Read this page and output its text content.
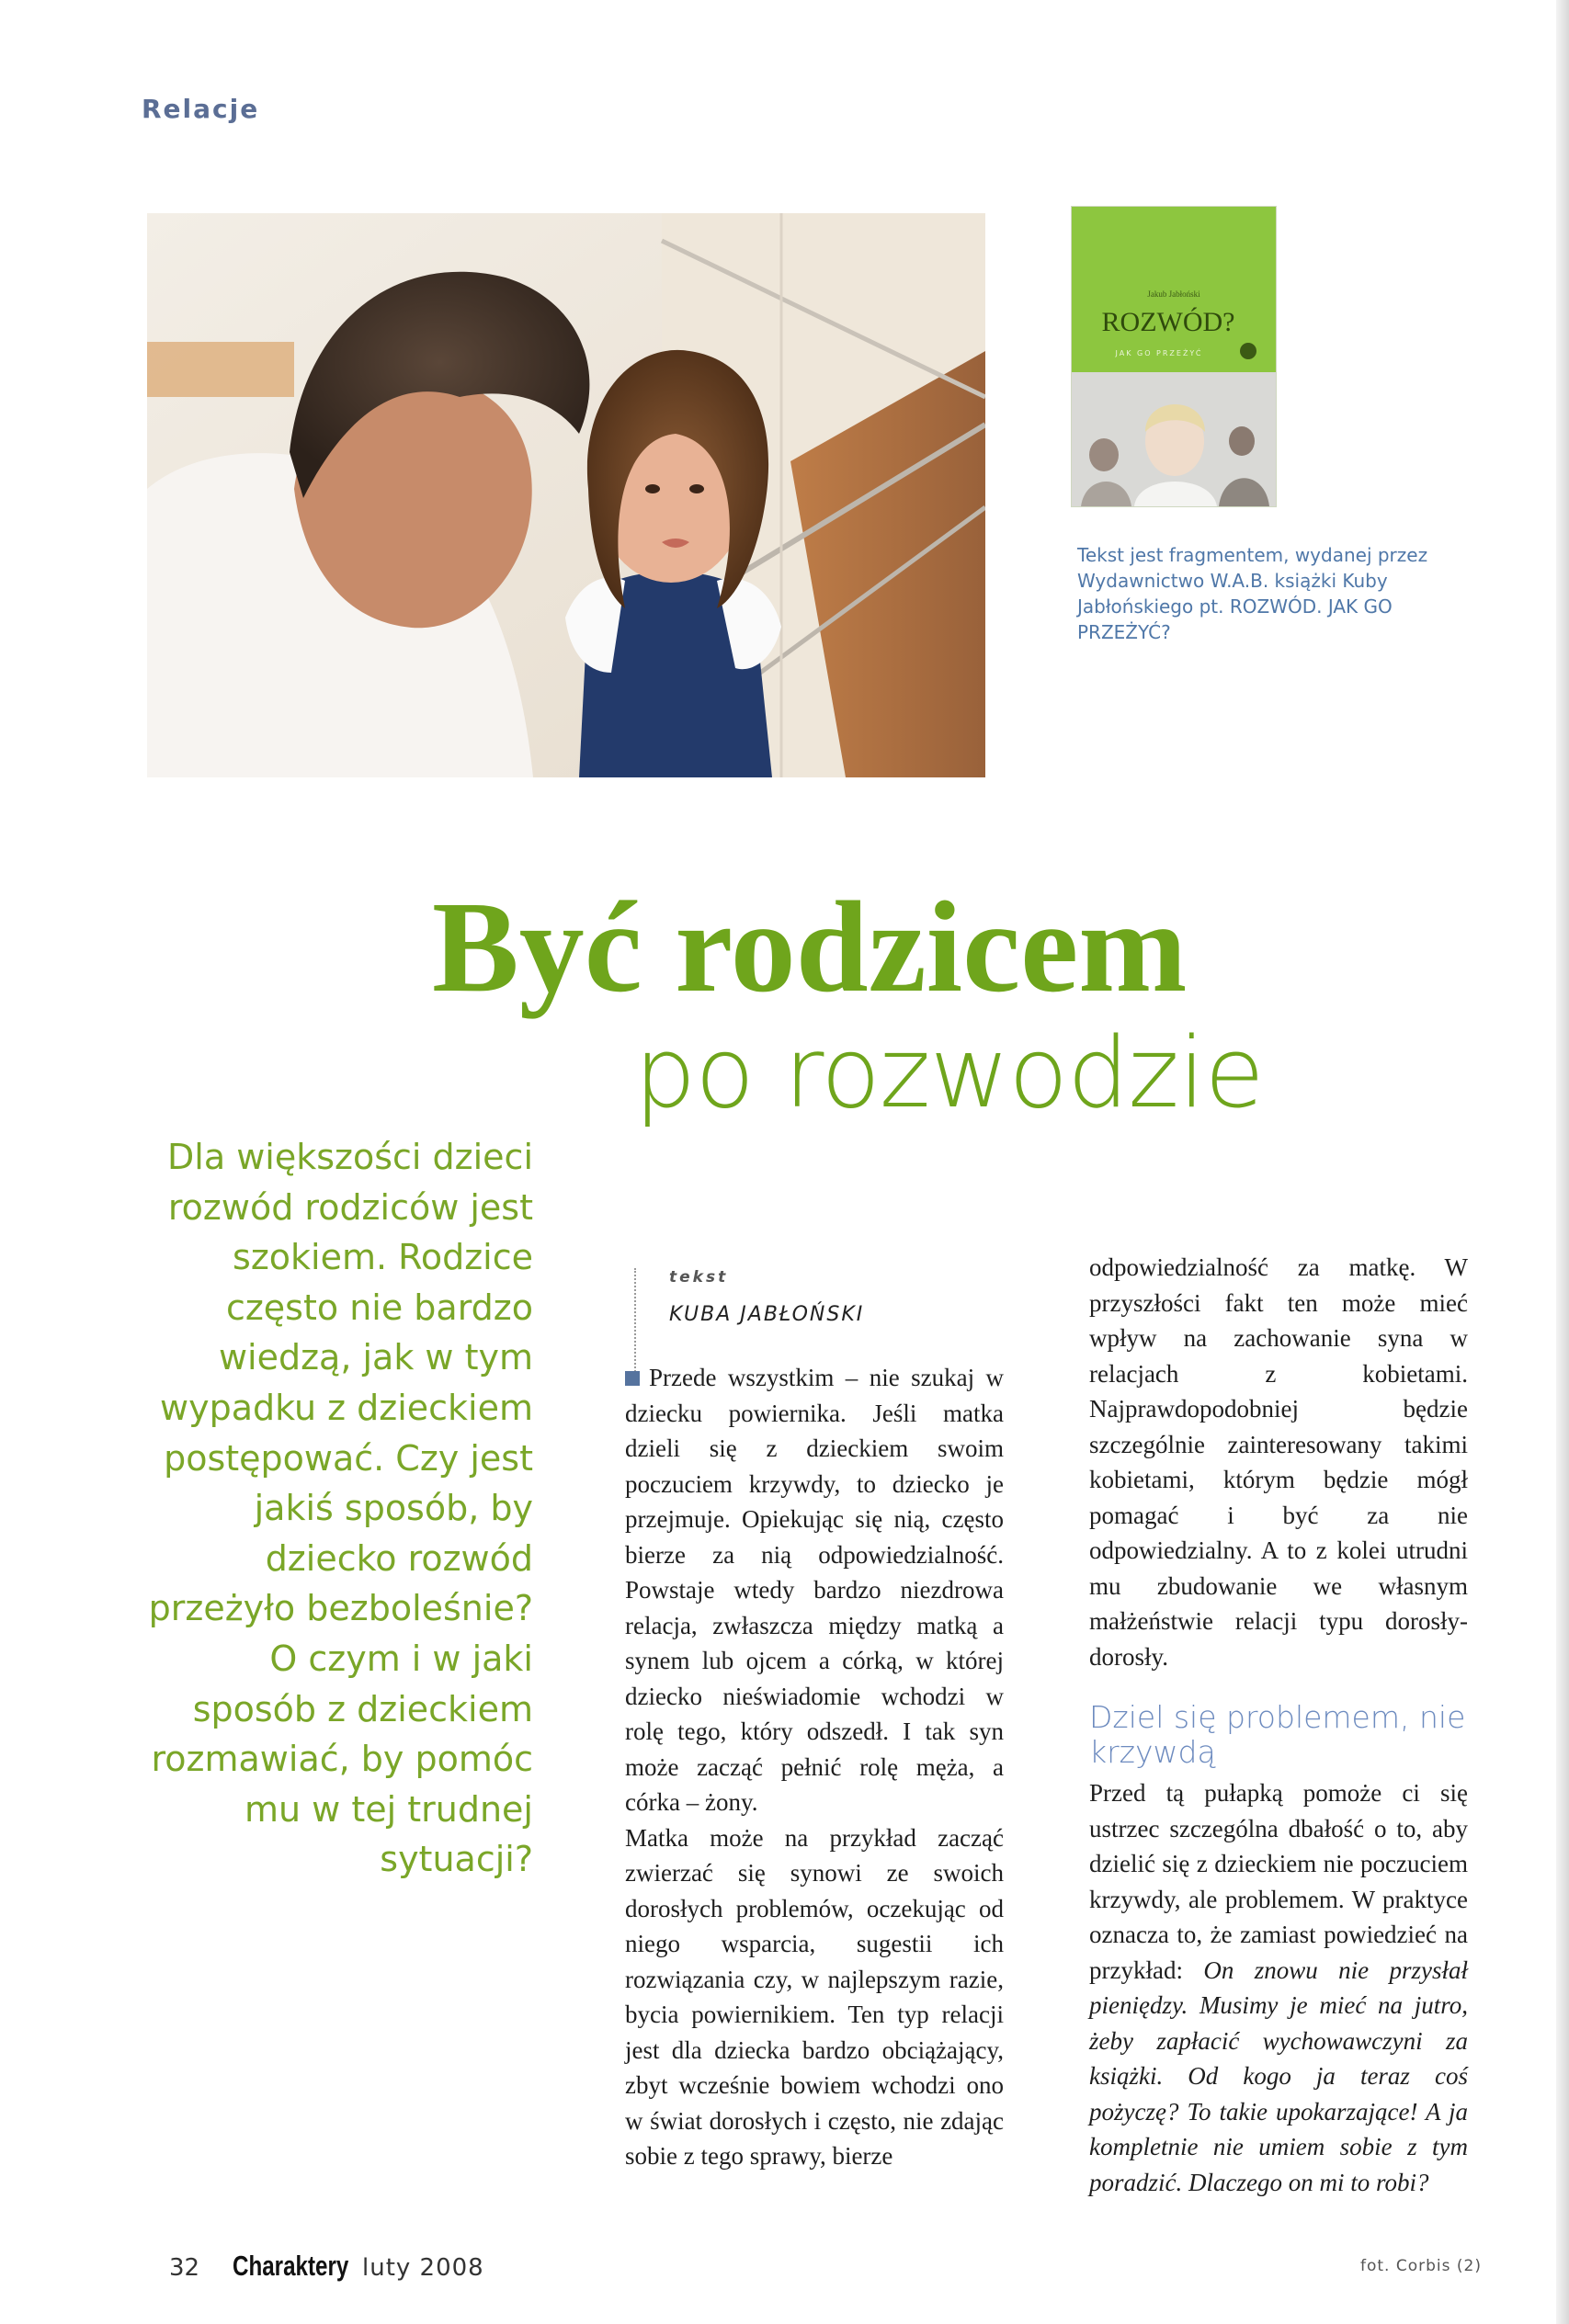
Relacje
Jakub Jabłoński
ROZWÓD?
JAK GO PRZEŻYĆ
Tekst jest fragmentem, wydanej przez Wydawnictwo W.A.B. książki Kuby Jabłońskiego pt. ROZWÓD. JAK GO PRZEŻYĆ?
Być rodzicem
po rozwodzie
Dla większości dzieci rozwód rodziców jest szokiem. Rodzice często nie bardzo wiedzą, jak w tym wypadku z dzieckiem postępować. Czy jest jakiś sposób, by dziecko rozwód przeżyło bezboleśnie? O czym i w jaki sposób z dzieckiem rozmawiać, by pomóc mu w tej trudnej sytuacji?
tekst
KUBA JABŁOŃSKI

Przede wszystkim – nie szukaj w dziecku powiernika. Jeśli matka dzieli się z dzieckiem swoim poczuciem krzywdy, to dziecko je przejmuje. Opiekując się nią, często bierze za nią odpowiedzialność. Powstaje wtedy bardzo niezdrowa relacja, zwłaszcza między matką a synem lub ojcem a córką, w której dziecko nieświadomie wchodzi w rolę tego, który odszedł. I tak syn może zacząć pełnić rolę męża, a córka – żony.

Matka może na przykład zacząć zwierzać się synowi ze swoich dorosłych problemów, oczekując od niego wsparcia, sugestii ich rozwiązania czy, w najlepszym razie, bycia powiernikiem. Ten typ relacji jest dla dziecka bardzo obciążający, zbyt wcześnie bowiem wchodzi ono w świat dorosłych i często, nie zdając sobie z tego sprawy, bierze

odpowiedzialność za matkę. W przyszłości fakt ten może mieć wpływ na zachowanie syna w relacjach z kobietami. Najprawdopodobniej będzie szczególnie zainteresowany takimi kobietami, którym będzie mógł pomagać i być za nie odpowiedzialny. A to z kolei utrudni mu zbudowanie we własnym małżeństwie relacji typu dorosły-dorosły.

Dziel się problemem, nie krzywdą

Przed tą pułapką pomoże ci się ustrzec szczególna dbałość o to, aby dzielić się z dzieckiem nie poczuciem krzywdy, ale problemem. W praktyce oznacza to, że zamiast powiedzieć na przykład: On znowu nie przysłał pieniędzy. Musimy je mieć na jutro, żeby zapłacić wychowawczyni za książki. Od kogo ja teraz coś pożyczę? To takie upokarzające! A ja kompletnie nie umiem sobie z tym poradzić. Dlaczego on mi to robi?

32 Charaktery luty 2008	fot. Corbis (2)
